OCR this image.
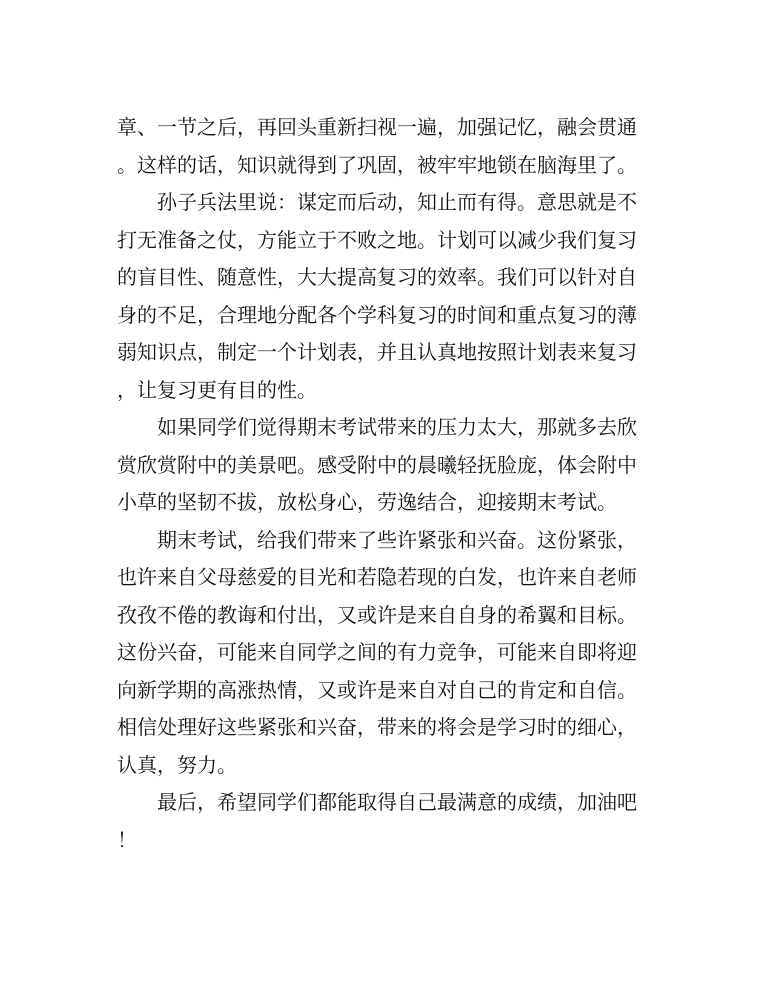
章、一节之后，再回头重新扫视一遍，加强记忆，融会贯通。这样的话，知识就得到了巩固，被牢牢地锁在脑海里了。

孙子兵法里说：谋定而后动，知止而有得。意思就是不打无准备之仗，方能立于不败之地。计划可以减少我们复习的盲目性、随意性，大大提高复习的效率。我们可以针对自身的不足，合理地分配各个学科复习的时间和重点复习的薄弱知识点，制定一个计划表，并且认真地按照计划表来复习，让复习更有目的性。

如果同学们觉得期末考试带来的压力太大，那就多去欣赏欣赏附中的美景吧。感受附中的晨曦轻抚脸庞，体会附中小草的坚韧不拔，放松身心，劳逸结合，迎接期末考试。

期末考试，给我们带来了些许紧张和兴奋。这份紧张，也许来自父母慈爱的目光和若隐若现的白发，也许来自老师孜孜不倦的教诲和付出，又或许是来自自身的希翼和目标。这份兴奋，可能来自同学之间的有力竞争，可能来自即将迎向新学期的高涨热情，又或许是来自对自己的肯定和自信。相信处理好这些紧张和兴奋，带来的将会是学习时的细心，认真，努力。

最后，希望同学们都能取得自己最满意的成绩，加油吧！
